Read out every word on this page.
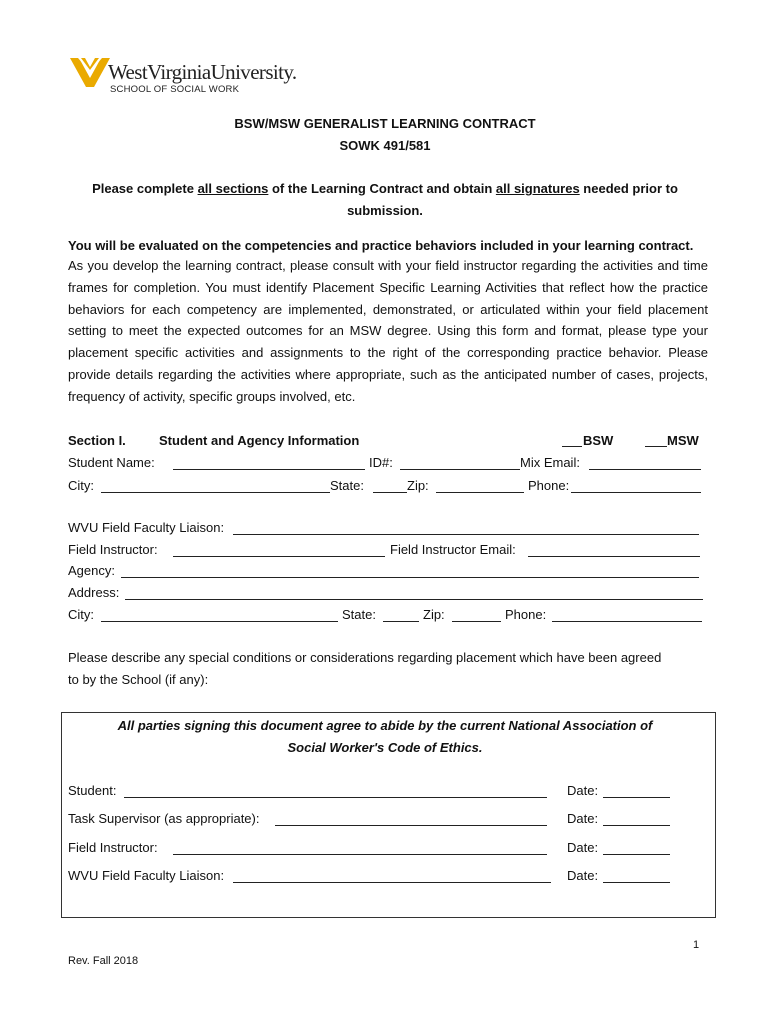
WestVirginiaUniversity.
SCHOOL OF SOCIAL WORK
BSW/MSW GENERALIST LEARNING CONTRACT
SOWK 491/581
Please complete all sections of the Learning Contract and obtain all signatures needed prior to
submission.
You will be evaluated on the competencies and practice behaviors included in your learning contract.
As you develop the learning contract, please consult with your field instructor regarding the activities and time frames for completion. You must identify Placement Specific Learning Activities that reflect how the practice behaviors for each competency are implemented, demonstrated, or articulated within your field placement setting to meet the expected outcomes for an MSW degree. Using this form and format, please type your placement specific activities and assignments to the right of the corresponding practice behavior. Please provide details regarding the activities where appropriate, such as the anticipated number of cases, projects, frequency of activity, specific groups involved, etc.
Section I.	Student and Agency Information	BSW	MSW
Student Name:	ID#:	Mix Email:
City:	State:	Zip:	Phone:
WVU Field Faculty Liaison:
Field Instructor:	Field Instructor Email:
Agency:
Address:
City:	State:	Zip:	Phone:
Please describe any special conditions or considerations regarding placement which have been agreed
to by the School (if any):
All parties signing this document agree to abide by the current National Association of
Social Worker's Code of Ethics.
Student:	Date:
Task Supervisor (as appropriate):	Date:
Field Instructor:	Date:
WVU Field Faculty Liaison:	Date:
1
Rev. Fall 2018
